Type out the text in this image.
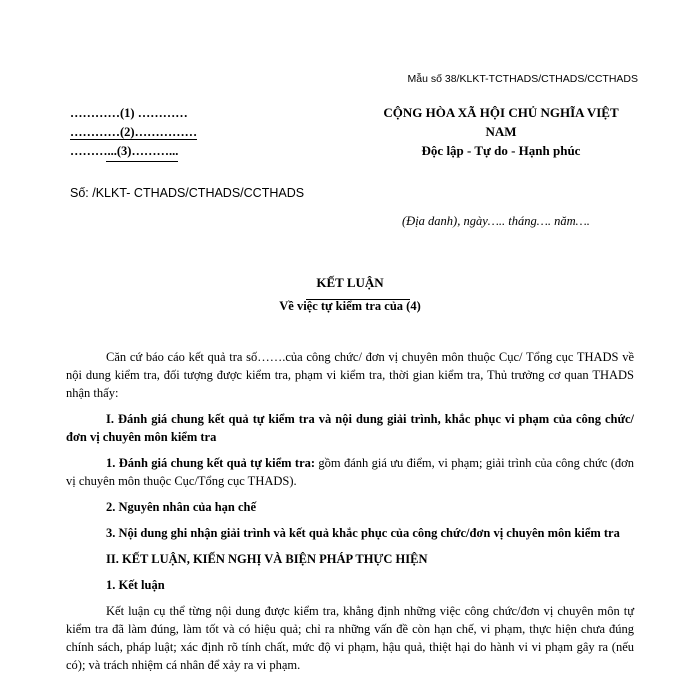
Mẫu số 38/KLKT-TCTHADS/CTHADS/CCTHADS
…………(1) …………
…………(2)……………
………...(3)………...
CỘNG HÒA XÃ HỘI CHỦ NGHĨA VIỆT NAM
Độc lập - Tự do - Hạnh phúc
Số: /KLKT- CTHADS/CTHADS/CCTHADS
(Địa danh), ngày….. tháng…. năm….
KẾT LUẬN
Về việc tự kiểm tra của (4)

Căn cứ báo cáo kết quả tra số…….của công chức/ đơn vị chuyên môn thuộc Cục/ Tổng cục THADS về nội dung kiểm tra, đối tượng được kiểm tra, phạm vi kiểm tra, thời gian kiểm tra, Thủ trưởng cơ quan THADS nhận thấy:

I. Đánh giá chung kết quả tự kiểm tra và nội dung giải trình, khắc phục vi phạm của công chức/đơn vị chuyên môn kiểm tra

1. Đánh giá chung kết quả tự kiểm tra: gồm đánh giá ưu điểm, vi phạm; giải trình của công chức (đơn vị chuyên môn thuộc Cục/Tổng cục THADS).

2. Nguyên nhân của hạn chế

3. Nội dung ghi nhận giải trình và kết quả khắc phục của công chức/đơn vị chuyên môn kiểm tra

II. KẾT LUẬN, KIẾN NGHỊ VÀ BIỆN PHÁP THỰC HIỆN

1. Kết luận

Kết luận cụ thể từng nội dung được kiểm tra, khẳng định những việc công chức/đơn vị chuyên môn tự kiểm tra đã làm đúng, làm tốt và có hiệu quả; chỉ ra những vấn đề còn hạn chế, vi phạm, thực hiện chưa đúng chính sách, pháp luật; xác định rõ tính chất, mức độ vi phạm, hậu quả, thiệt hại do hành vi vi phạm gây ra (nếu có); và trách nhiệm cá nhân để xảy ra vi phạm.
